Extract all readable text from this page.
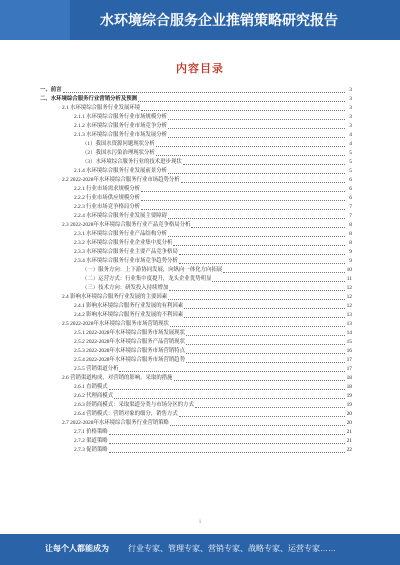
水环境综合服务企业推销策略研究报告
内容目录
一、前言	3
二、水环境综合服务行业营销分析及预测	3
2.1 水环境综合服务行业发展环境	3
2.1.1 水环境综合服务行业市场规模分析	3
2.1.2 水环境综合服务行业市场竞争分析	3
2.1.3 水环境综合服务行业市场发展分析	4
（1）我国水资源问题现状分析	4
（2）我国水污染治理现状分析	5
（3）水环境综合服务行业的技术进步现状	5
2.1.4 水环境综合服务行业发展前景分析	5
2.2 2022-2028年水环境综合服务行业市场趋势分析	6
2.2.1 行业市场需求规模分析	6
2.2.2 行业市场供应规模分析	6
2.2.3 行业市场竞争格局分析	7
2.2.4 水环境综合服务行业发展主要障碍	7
2.3 2022-2028年水环境综合服务行业产品竞争格局分析	8
2.3.1 水环境综合服务行业产品结构分析	8
2.3.2 水环境综合服务行业企业集中度分析	8
2.3.3 水环境综合服务行业主要产品竞争格局	9
2.3.4 水环境综合服务行业市场竞争趋势分析	9
（一）服务方向：上下游协同发展，向纵向一体化方向拓展	10
（二）运营方式：行业集中度提升，龙头企业优势明显	11
（三）技术方向：研发投入持续增加	12
2.4 影响水环境综合服务行业发展的主要因素	12
2.4.1 影响水环境综合服务行业发展的有利因素	12
2.4.2 影响水环境综合服务行业发展的不利因素	13
2.5 2022-2028年水环境综合服务市场营销现状	13
2.5.1 2022-2028年水环境综合服务市场发展现状	14
2.5.2 2022-2028年水环境综合服务产品营销现状	15
2.5.3 2022-2028年水环境综合服务市场营销特点	16
2.5.4 2022-2028年水环境综合服务市场营销趋势	17
2.5.5 营销渠道分析	17
2.6 营销渠道构成，对营销的影响，采取的措施	18
2.6.1 直销模式	18
2.6.2 代理商模式	19
2.6.3 经销商模式：采取渠道分类与市场分区的方式	19
2.6.4 营销模式：营销对象的细分，销售方式	20
2.7 2022-2028年水环境综合服务行业营销策略	20
2.7.1 价格策略	21
2.7.2 渠道策略	21
2.7.3 促销策略	22
1
让每个人都能成为 行业专家、管理专家、营销专家、战略专家、运营专家……
